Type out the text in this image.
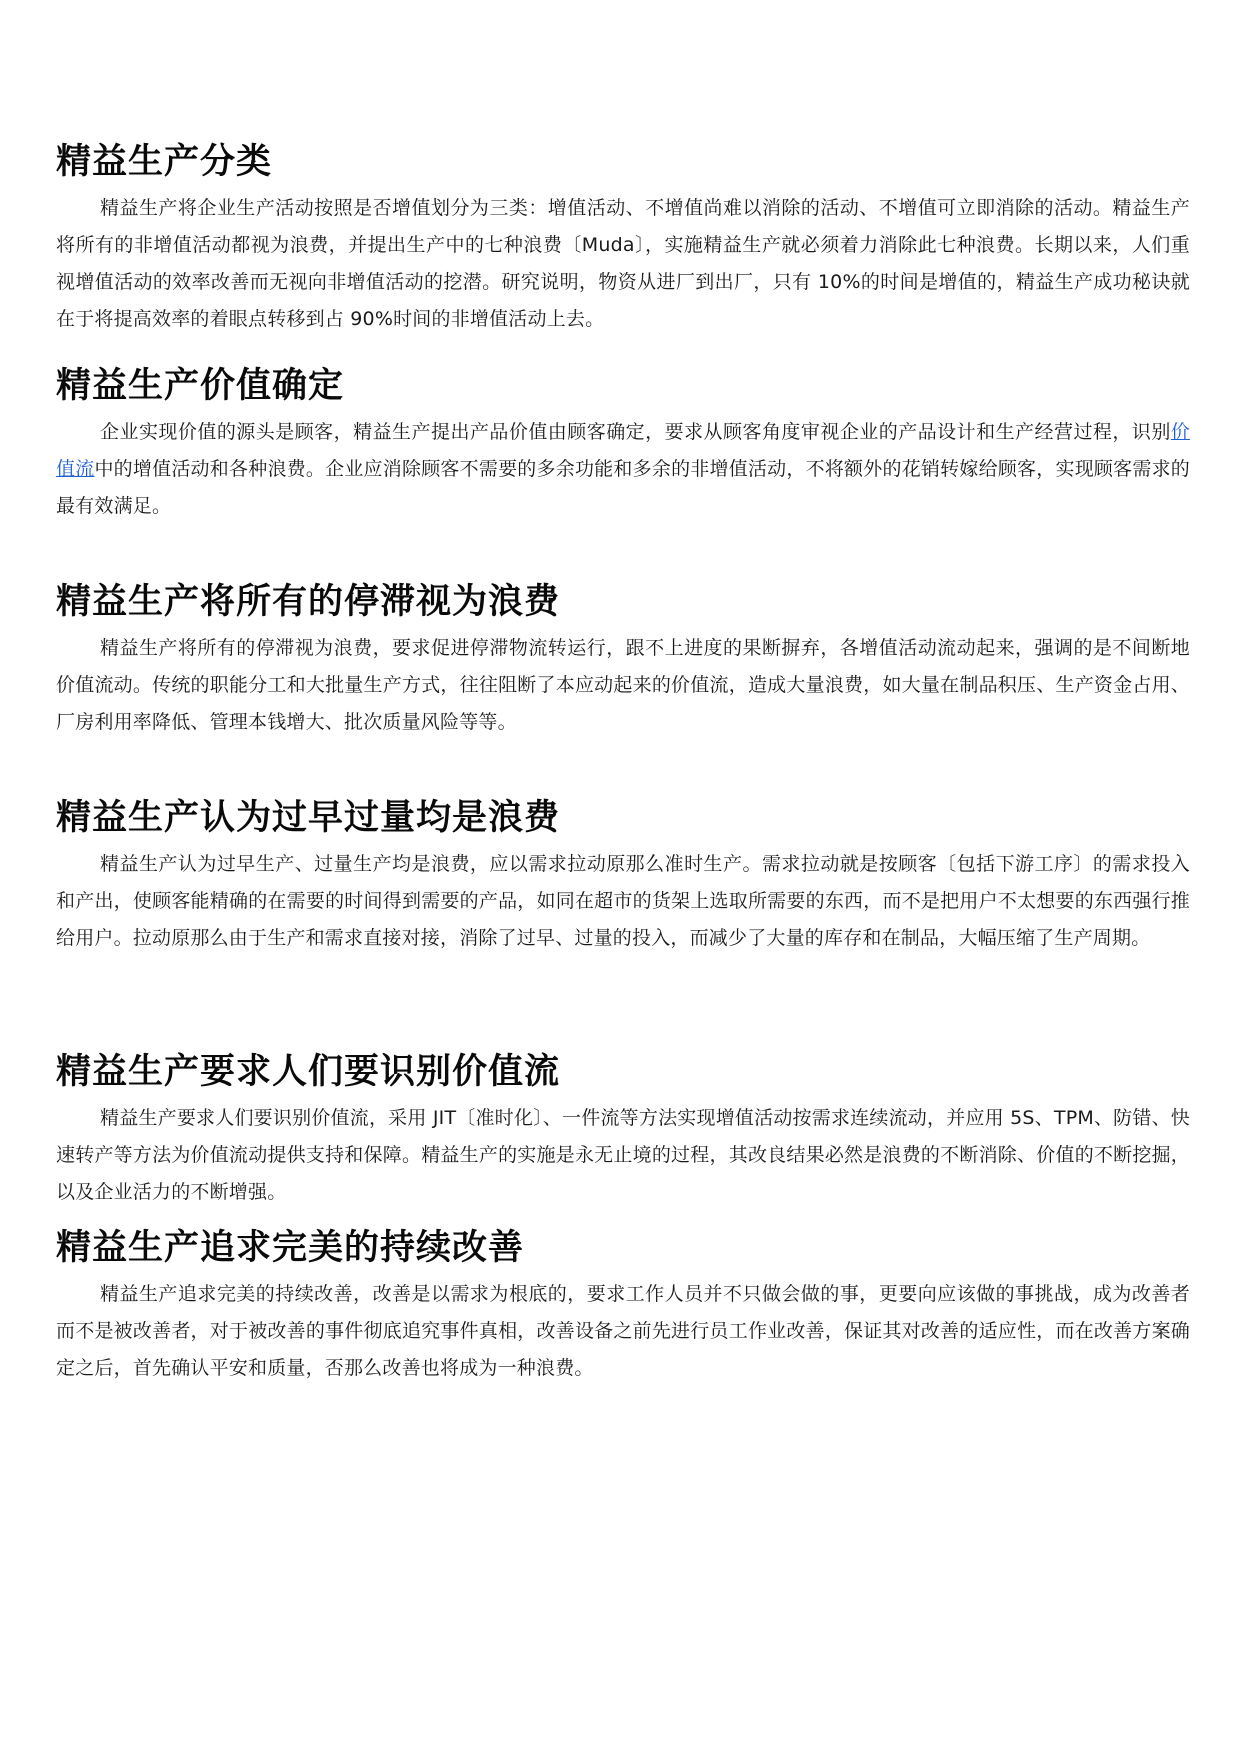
精益生产分类

精益生产将企业生产活动按照是否增值划分为三类：增值活动、不增值尚难以消除的活动、不增值可立即消除的活动。精益生产将所有的非增值活动都视为浪费，并提出生产中的七种浪费〔Muda〕，实施精益生产就必须着力消除此七种浪费。长期以来，人们重视增值活动的效率改善而无视向非增值活动的挖潜。研究说明，物资从进厂到出厂，只有 10%的时间是增值的，精益生产成功秘诀就在于将提高效率的着眼点转移到占 90%时间的非增值活动上去。

精益生产价值确定

企业实现价值的源头是顾客，精益生产提出产品价值由顾客确定，要求从顾客角度审视企业的产品设计和生产经营过程，识别价值流中的增值活动和各种浪费。企业应消除顾客不需要的多余功能和多余的非增值活动，不将额外的花销转嫁给顾客，实现顾客需求的最有效满足。

精益生产将所有的停滞视为浪费

精益生产将所有的停滞视为浪费，要求促进停滞物流转运行，跟不上进度的果断摒弃，各增值活动流动起来，强调的是不间断地价值流动。传统的职能分工和大批量生产方式，往往阻断了本应动起来的价值流，造成大量浪费，如大量在制品积压、生产资金占用、厂房利用率降低、管理本钱增大、批次质量风险等等。

精益生产认为过早过量均是浪费

精益生产认为过早生产、过量生产均是浪费，应以需求拉动原那么准时生产。需求拉动就是按顾客〔包括下游工序〕的需求投入和产出，使顾客能精确的在需要的时间得到需要的产品，如同在超市的货架上选取所需要的东西，而不是把用户不太想要的东西强行推给用户。拉动原那么由于生产和需求直接对接，消除了过早、过量的投入，而减少了大量的库存和在制品，大幅压缩了生产周期。

精益生产要求人们要识别价值流

精益生产要求人们要识别价值流，采用 JIT〔准时化〕、一件流等方法实现增值活动按需求连续流动，并应用 5S、TPM、防错、快速转产等方法为价值流动提供支持和保障。精益生产的实施是永无止境的过程，其改良结果必然是浪费的不断消除、价值的不断挖掘，以及企业活力的不断增强。

精益生产追求完美的持续改善

精益生产追求完美的持续改善，改善是以需求为根底的，要求工作人员并不只做会做的事，更要向应该做的事挑战，成为改善者而不是被改善者，对于被改善的事件彻底追究事件真相，改善设备之前先进行员工作业改善，保证其对改善的适应性，而在改善方案确定之后，首先确认平安和质量，否那么改善也将成为一种浪费。
